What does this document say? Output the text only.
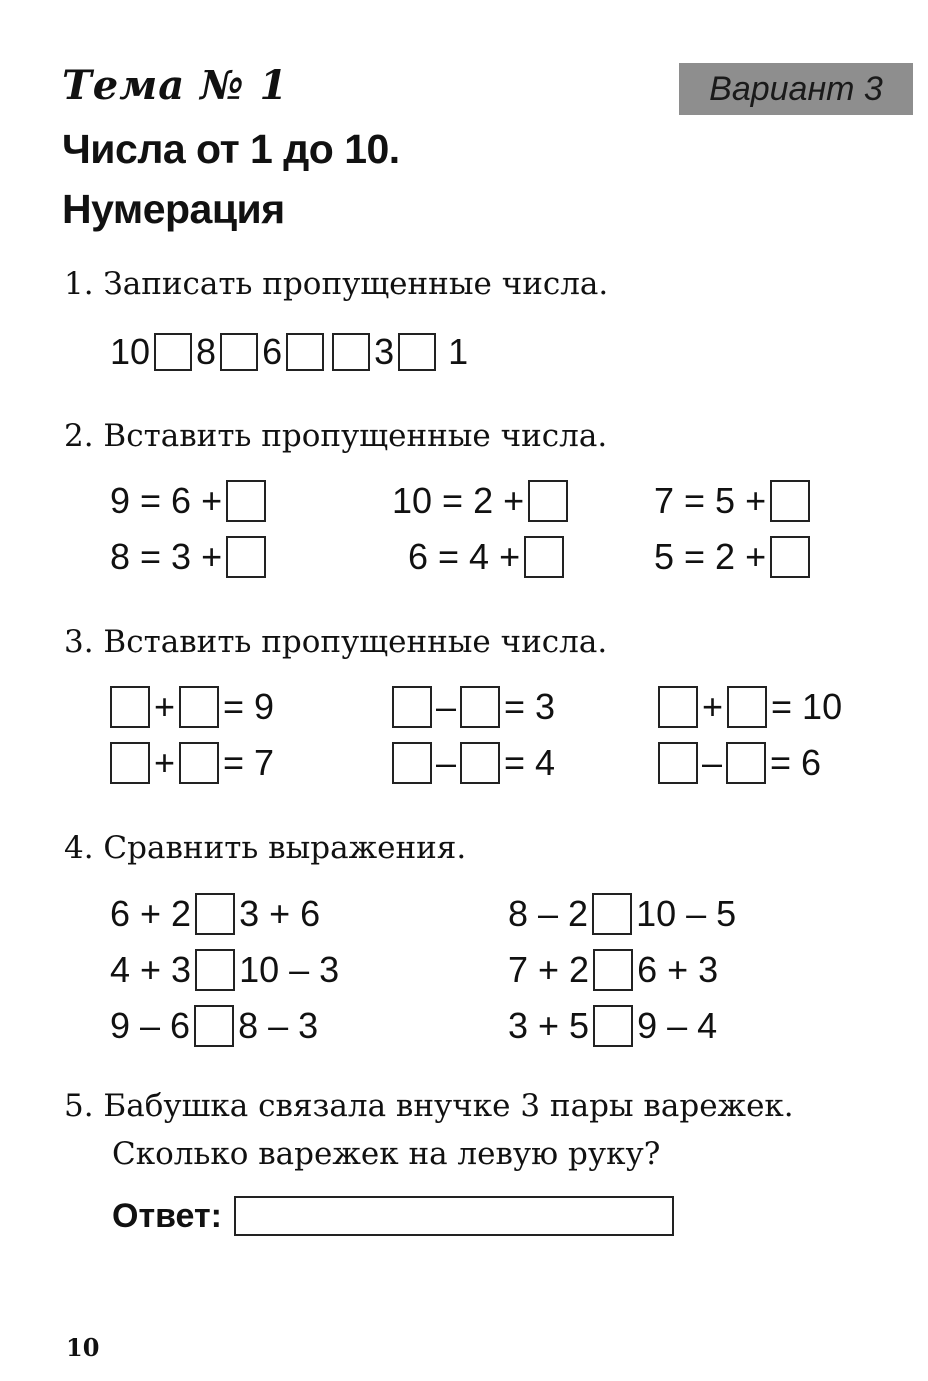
Тема № 1	Вариант 3
Числа от 1 до 10.
Нумерация
1. Записать пропущенные числа.
10 8 6	3 1
2. Вставить пропущенные числа.
9 = 6 +	10 = 2 +	7 = 5 +
8 = 3 +	6 = 4 +	5 = 2 +
3. Вставить пропущенные числа.
+ = 9	– = 3	+ = 10
+ = 7	– = 4	– = 6
4. Сравнить выражения.
6 + 2 3 + 6	8 – 2 10 – 5
4 + 3 10 – 3	7 + 2 6 + 3
9 – 6 8 – 3	3 + 5 9 – 4
5. Бабушка связала внучке 3 пары варежек.
Сколько варежек на левую руку?
Ответ:
10
